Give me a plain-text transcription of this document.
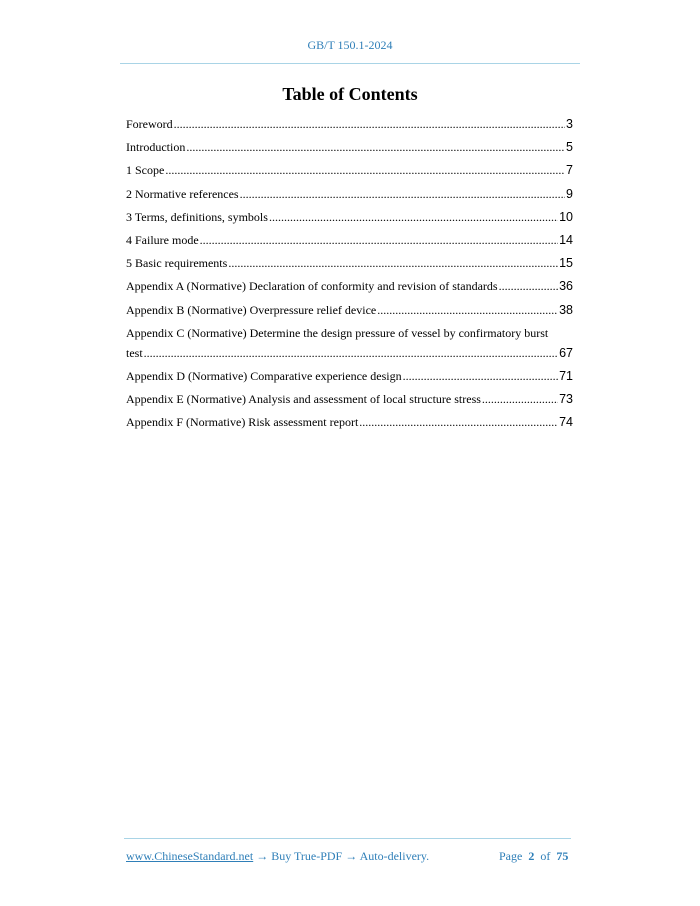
GB/T 150.1-2024
Table of Contents
Foreword .....	3
Introduction .....	5
1 Scope .....	7
2 Normative references .....	9
3 Terms, definitions, symbols .....	10
4 Failure mode .....	14
5 Basic requirements .....	15
Appendix A (Normative) Declaration of conformity and revision of standards .....	36
Appendix B (Normative) Overpressure relief device .....	38
Appendix C (Normative) Determine the design pressure of vessel by confirmatory burst
test .....	67
Appendix D (Normative) Comparative experience design .....	71
Appendix E (Normative) Analysis and assessment of local structure stress .....	73
Appendix F (Normative) Risk assessment report .....	74
www.ChineseStandard.net → Buy True-PDF → Auto-delivery.	Page 2 of 75
